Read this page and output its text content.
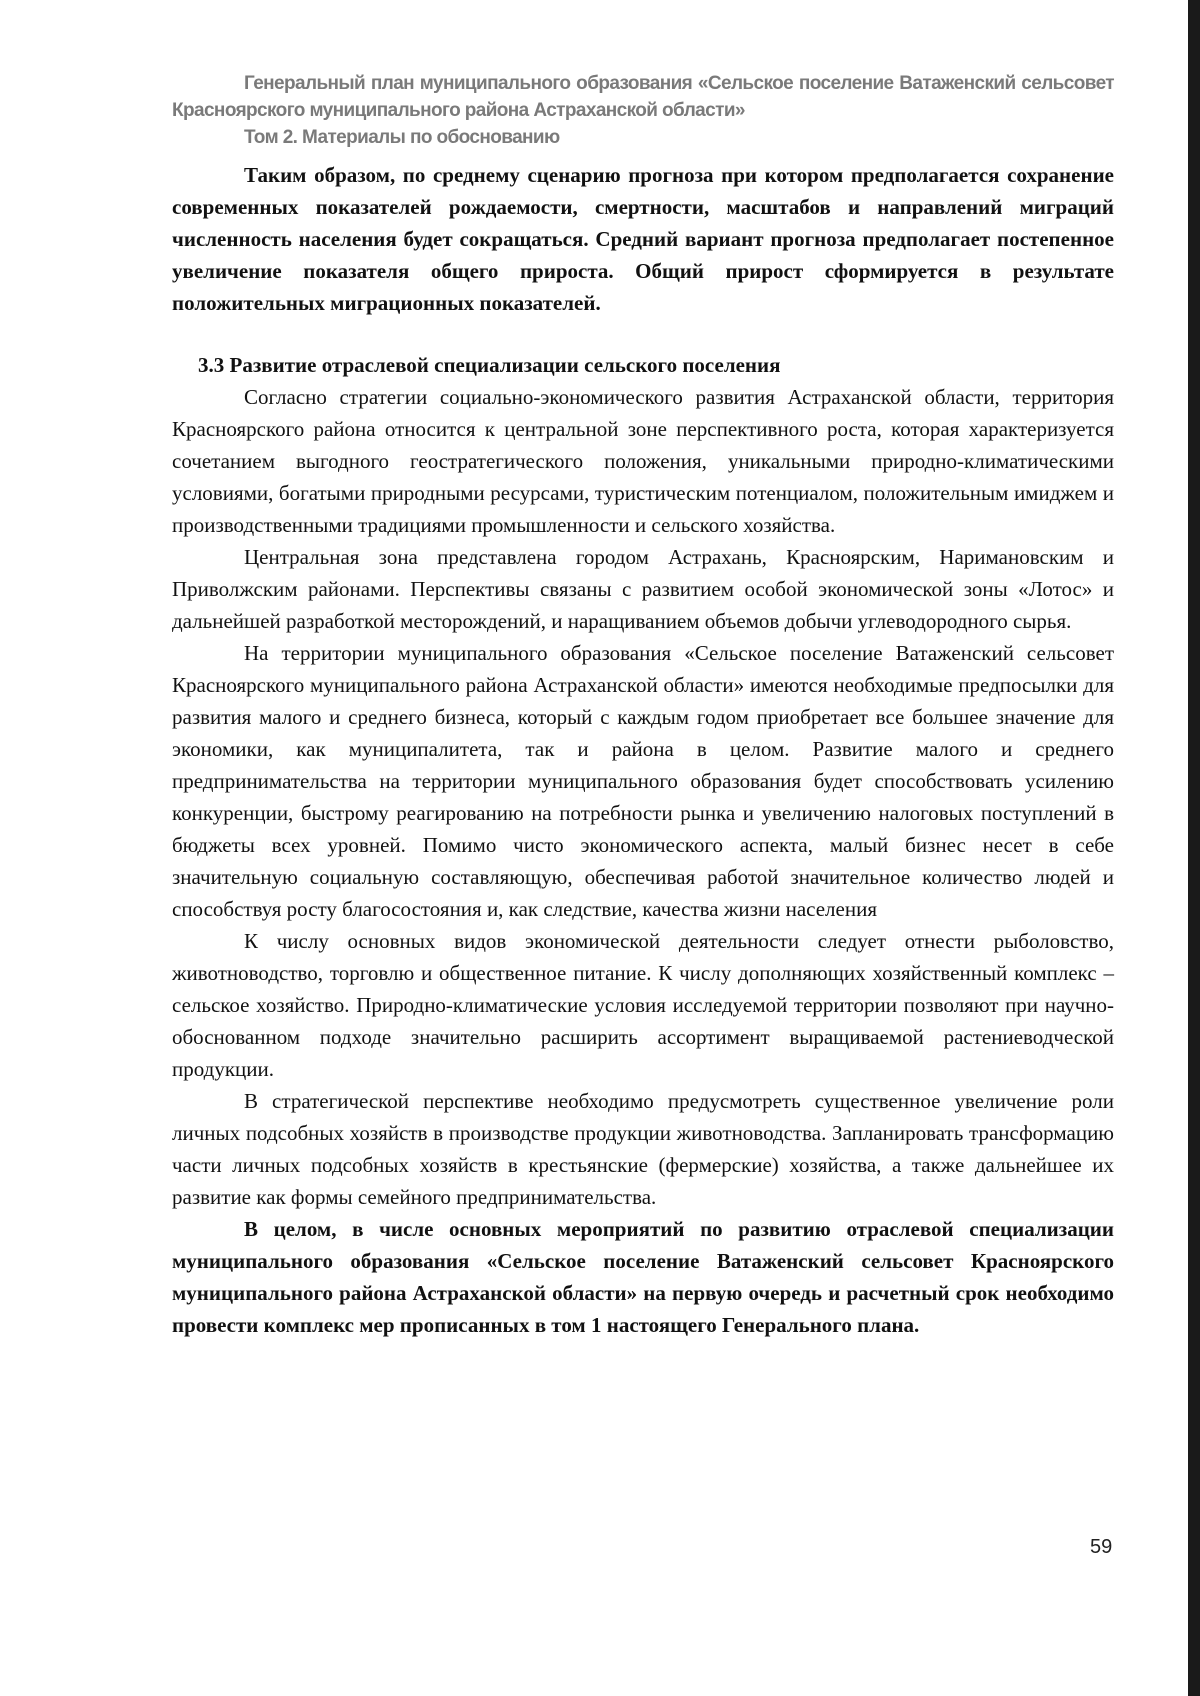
Генеральный план муниципального образования «Сельское поселение Ватаженский сельсовет Красноярского муниципального района Астраханской области»
Том 2. Материалы по обоснованию

Таким образом, по среднему сценарию прогноза при котором предполагается сохранение современных показателей рождаемости, смертности, масштабов и направлений миграций численность населения будет сокращаться. Средний вариант прогноза предполагает постепенное увеличение показателя общего прироста. Общий прирост сформируется в результате положительных миграционных показателей.

3.3 Развитие отраслевой специализации сельского поселения

Согласно стратегии социально-экономического развития Астраханской области, территория Красноярского района относится к центральной зоне перспективного роста, которая характеризуется сочетанием выгодного геостратегического положения, уникальными природно-климатическими условиями, богатыми природными ресурсами, туристическим потенциалом, положительным имиджем и производственными традициями промышленности и сельского хозяйства.

Центральная зона представлена городом Астрахань, Красноярским, Наримановским и Приволжским районами. Перспективы связаны с развитием особой экономической зоны «Лотос» и дальнейшей разработкой месторождений, и наращиванием объемов добычи углеводородного сырья.

На территории муниципального образования «Сельское поселение Ватаженский сельсовет Красноярского муниципального района Астраханской области» имеются необходимые предпосылки для развития малого и среднего бизнеса, который с каждым годом приобретает все большее значение для экономики, как муниципалитета, так и района в целом. Развитие малого и среднего предпринимательства на территории муниципального образования будет способствовать усилению конкуренции, быстрому реагированию на потребности рынка и увеличению налоговых поступлений в бюджеты всех уровней. Помимо чисто экономического аспекта, малый бизнес несет в себе значительную социальную составляющую, обеспечивая работой значительное количество людей и способствуя росту благосостояния и, как следствие, качества жизни населения

К числу основных видов экономической деятельности следует отнести рыболовство, животноводство, торговлю и общественное питание. К числу дополняющих хозяйственный комплекс – сельское хозяйство. Природно-климатические условия исследуемой территории позволяют при научно-обоснованном подходе значительно расширить ассортимент выращиваемой растениеводческой продукции.

В стратегической перспективе необходимо предусмотреть существенное увеличение роли личных подсобных хозяйств в производстве продукции животноводства. Запланировать трансформацию части личных подсобных хозяйств в крестьянские (фермерские) хозяйства, а также дальнейшее их развитие как формы семейного предпринимательства.

В целом, в числе основных мероприятий по развитию отраслевой специализации муниципального образования «Сельское поселение Ватаженский сельсовет Красноярского муниципального района Астраханской области» на первую очередь и расчетный срок необходимо провести комплекс мер прописанных в том 1 настоящего Генерального плана.

59
